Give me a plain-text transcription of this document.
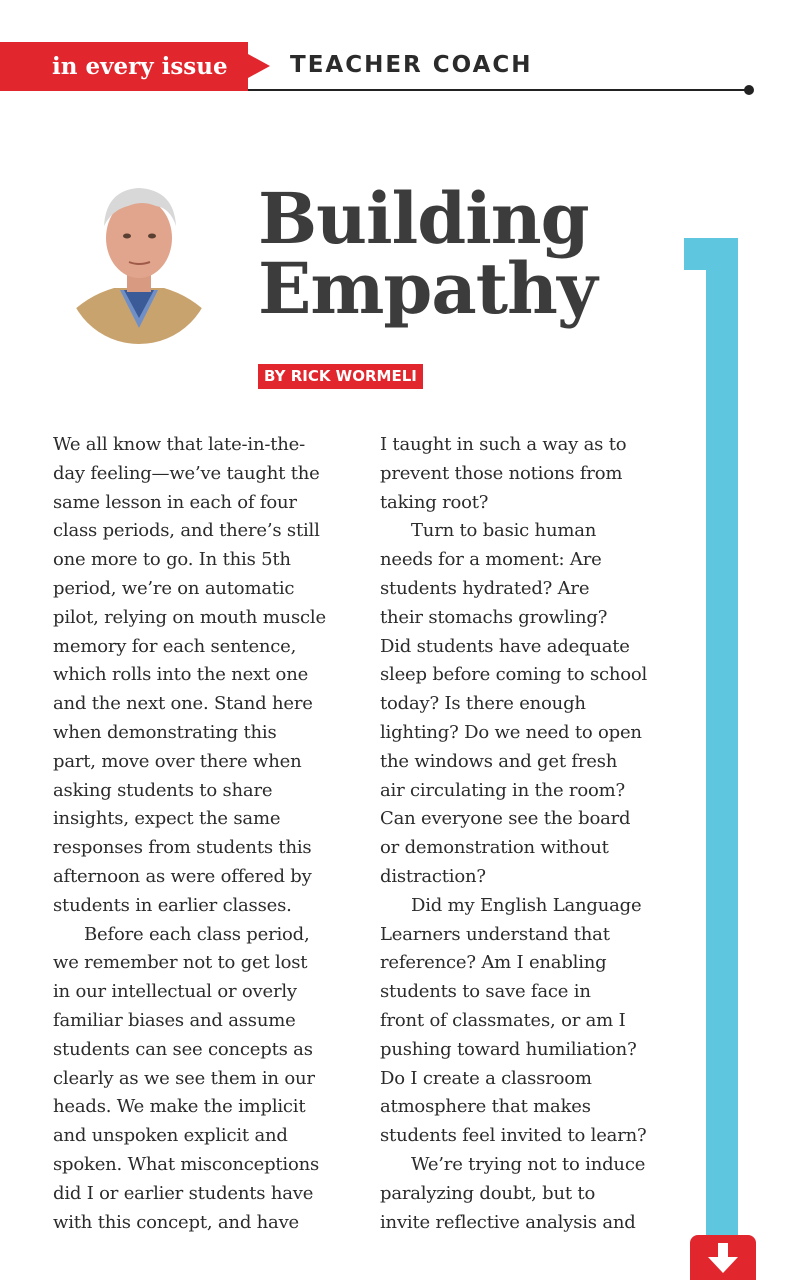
in every issue	TEACHER COACH
Building
Empathy
BY RICK WORMELI

We all know that late-in-the-
day feeling—we’ve taught the
same lesson in each of four
class periods, and there’s still
one more to go. In this 5th
period, we’re on automatic
pilot, relying on mouth muscle
memory for each sentence,
which rolls into the next one
and the next one. Stand here
when demonstrating this
part, move over there when
asking students to share
insights, expect the same
responses from students this
afternoon as were offered by
students in earlier classes.

Before each class period,
we remember not to get lost
in our intellectual or overly
familiar biases and assume
students can see concepts as
clearly as we see them in our
heads. We make the implicit
and unspoken explicit and
spoken. What misconceptions
did I or earlier students have
with this concept, and have

I taught in such a way as to
prevent those notions from
taking root?

Turn to basic human
needs for a moment: Are
students hydrated? Are
their stomachs growling?
Did students have adequate
sleep before coming to school
today? Is there enough
lighting? Do we need to open
the windows and get fresh
air circulating in the room?
Can everyone see the board
or demonstration without
distraction?

Did my English Language
Learners understand that
reference? Am I enabling
students to save face in
front of classmates, or am I
pushing toward humiliation?
Do I create a classroom
atmosphere that makes
students feel invited to learn?

We’re trying not to induce
paralyzing doubt, but to
invite reflective analysis and
